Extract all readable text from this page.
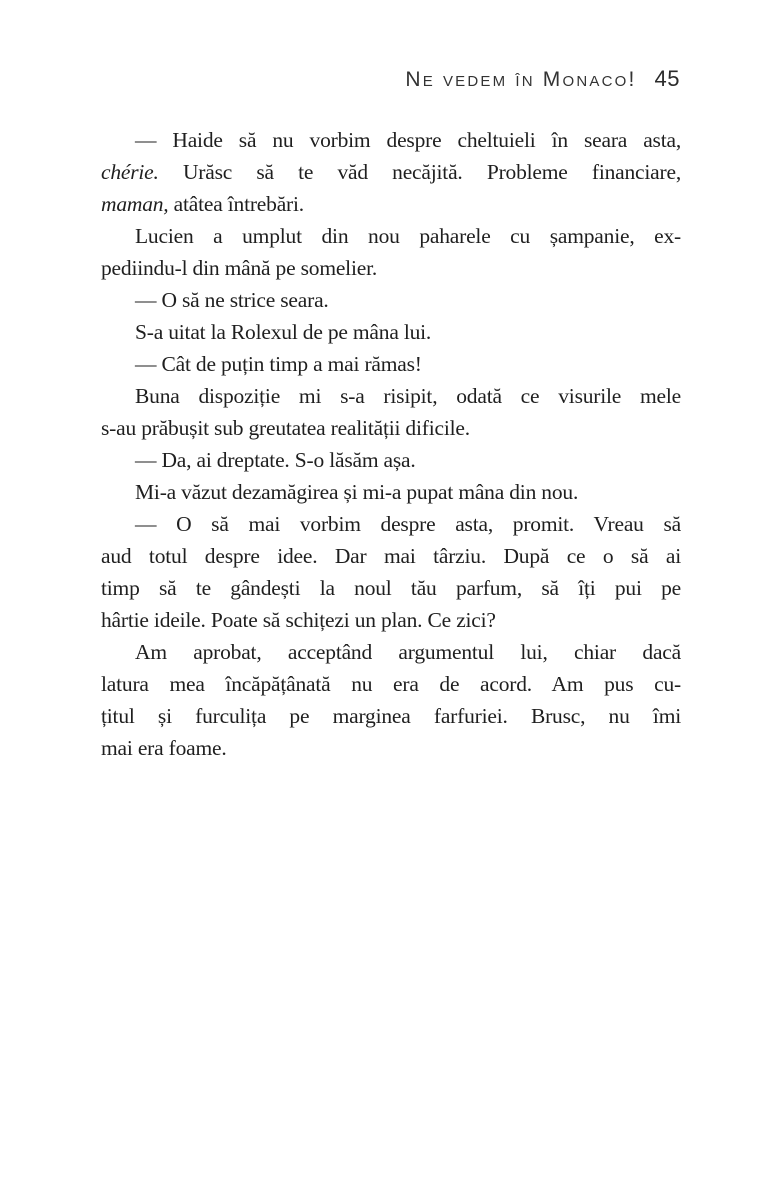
Ne vedem în Monaco! 45
— Haide să nu vorbim despre cheltuieli în seara asta,
chérie. Urăsc să te văd necăjită. Probleme financiare,
maman, atâtea întrebări.
Lucien a umplut din nou paharele cu șampanie, ex-
pediindu-l din mână pe somelier.
— O să ne strice seara.
S-a uitat la Rolexul de pe mâna lui.
— Cât de puțin timp a mai rămas!
Buna dispoziție mi s-a risipit, odată ce visurile mele
s-au prăbușit sub greutatea realității dificile.
— Da, ai dreptate. S-o lăsăm așa.
Mi-a văzut dezamăgirea și mi-a pupat mâna din nou.
— O să mai vorbim despre asta, promit. Vreau să
aud totul despre idee. Dar mai târziu. După ce o să ai
timp să te gândești la noul tău parfum, să îți pui pe
hârtie ideile. Poate să schițezi un plan. Ce zici?
Am aprobat, acceptând argumentul lui, chiar dacă
latura mea încăpățânată nu era de acord. Am pus cu-
țitul și furculița pe marginea farfuriei. Brusc, nu îmi
mai era foame.
